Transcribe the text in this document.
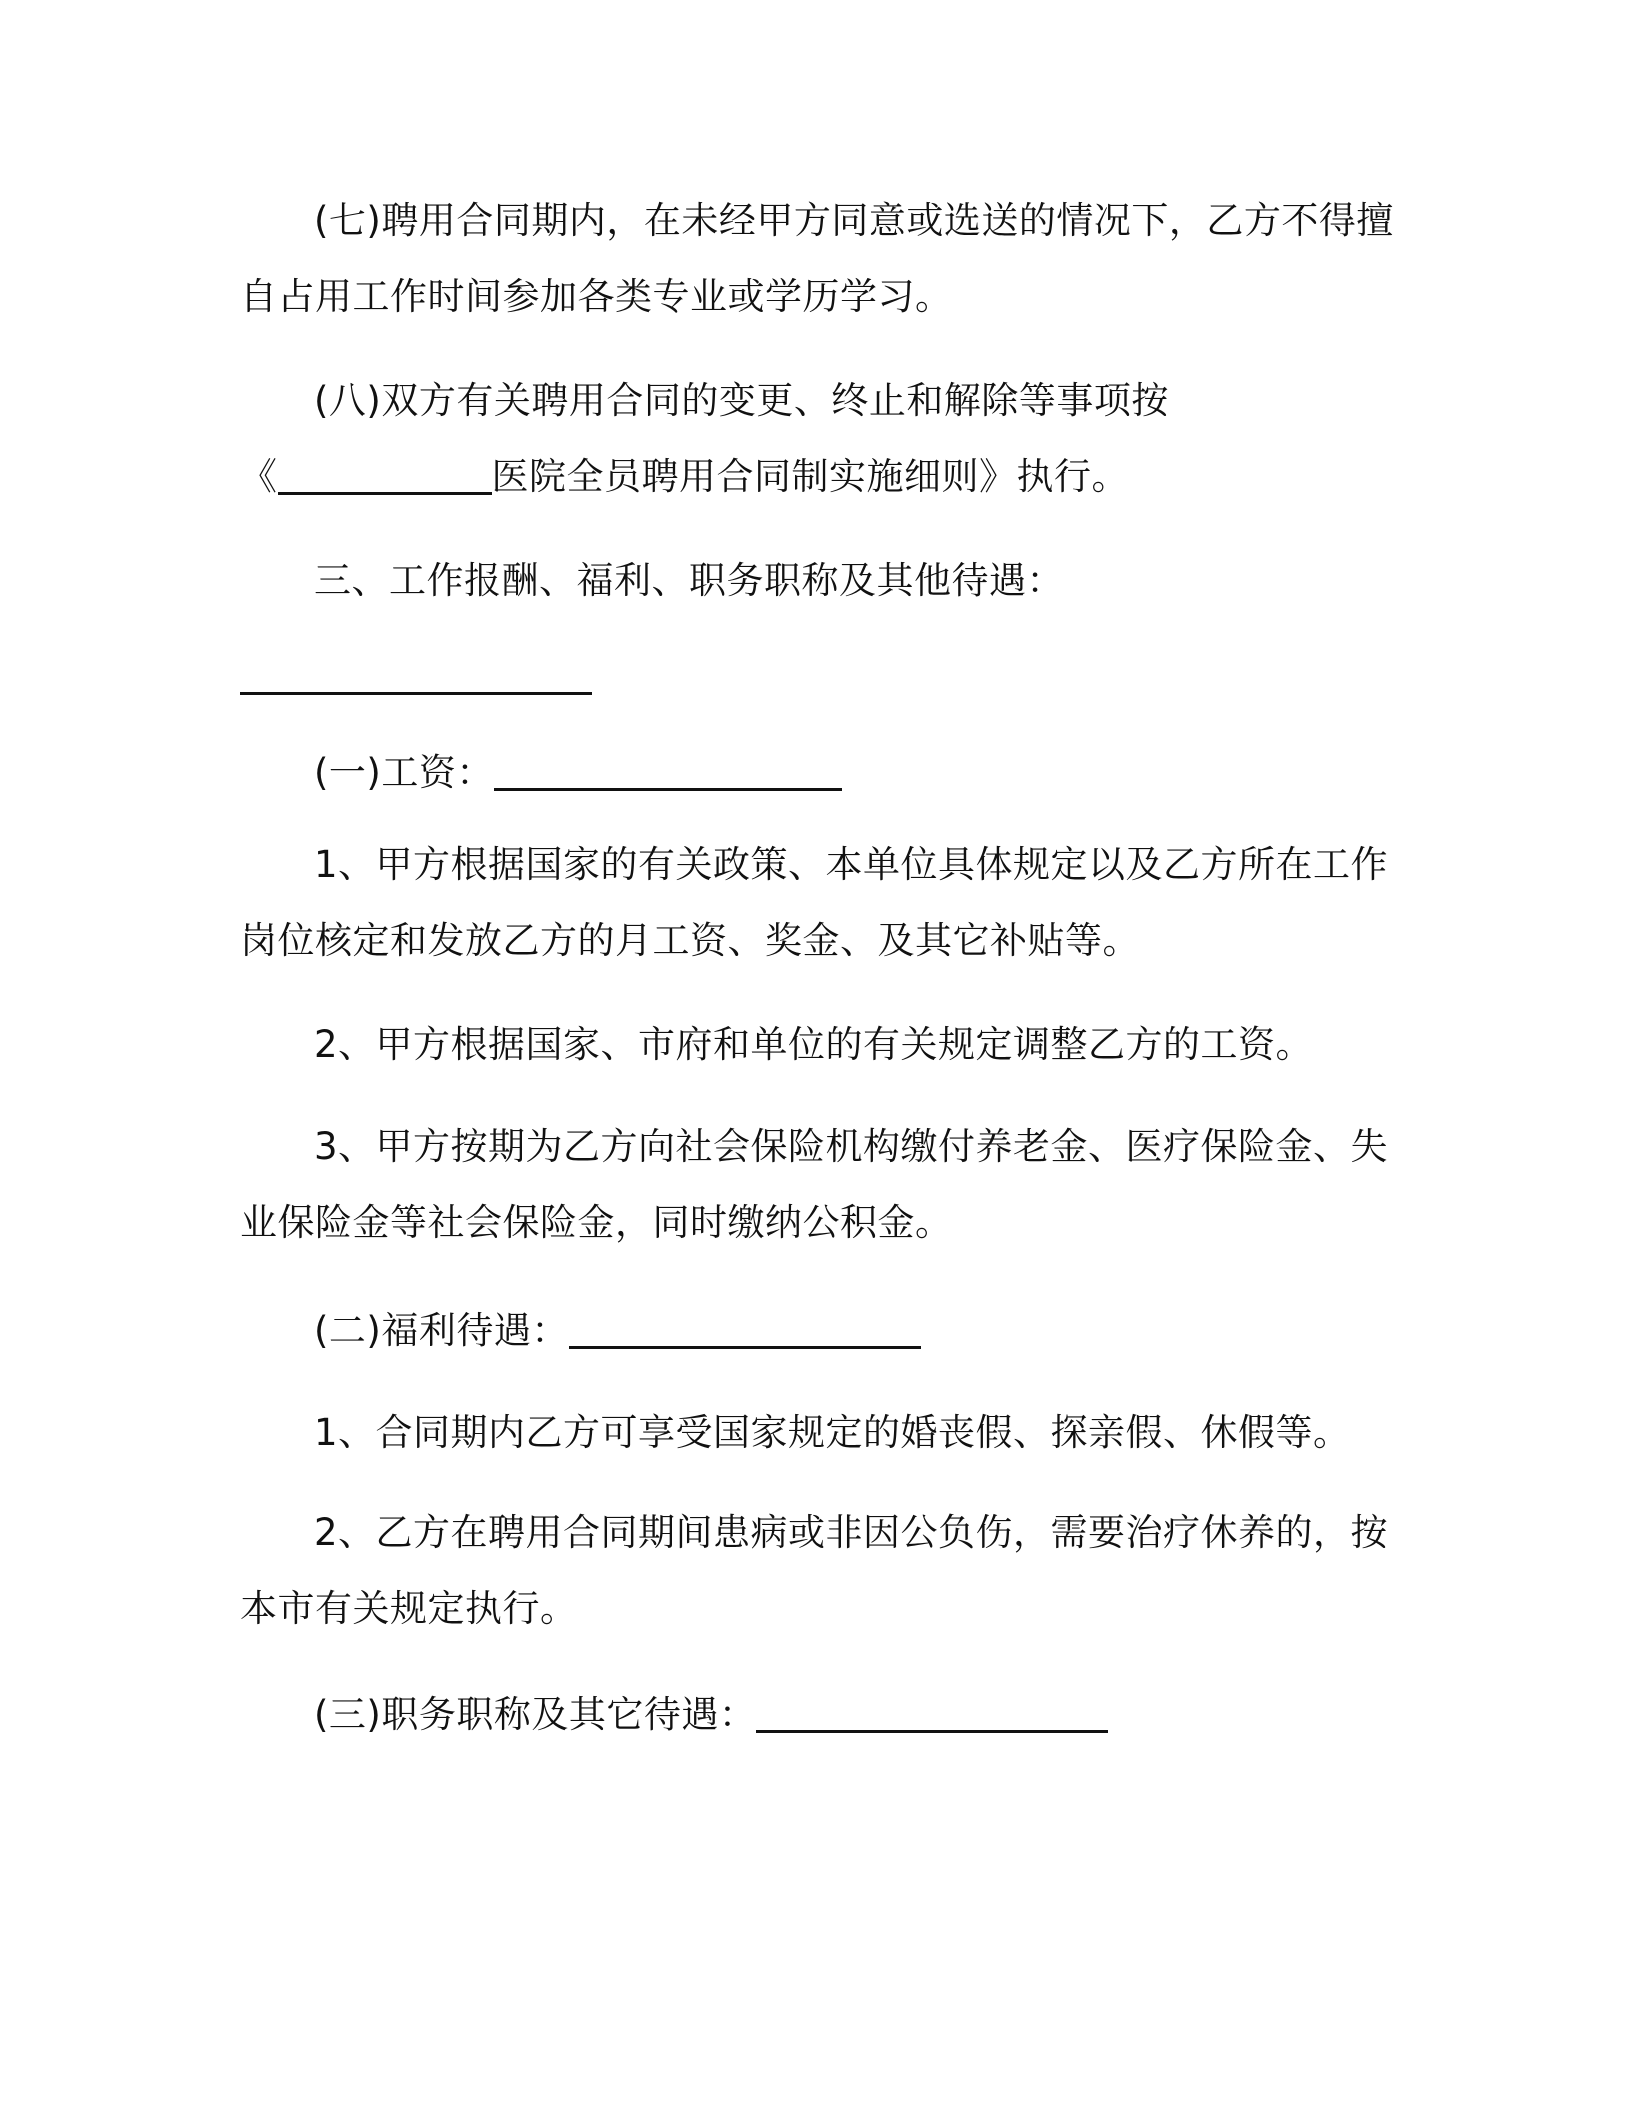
(七)聘用合同期内，在未经甲方同意或选送的情况下，乙方不得擅
自占用工作时间参加各类专业或学历学习。
(八)双方有关聘用合同的变更、终止和解除等事项按
《	医院全员聘用合同制实施细则》执行。
三、工作报酬、福利、职务职称及其他待遇：
(一)工资：
1、甲方根据国家的有关政策、本单位具体规定以及乙方所在工作
岗位核定和发放乙方的月工资、奖金、及其它补贴等。
2、甲方根据国家、市府和单位的有关规定调整乙方的工资。
3、甲方按期为乙方向社会保险机构缴付养老金、医疗保险金、失
业保险金等社会保险金，同时缴纳公积金。
(二)福利待遇：
1、合同期内乙方可享受国家规定的婚丧假、探亲假、休假等。
2、乙方在聘用合同期间患病或非因公负伤，需要治疗休养的，按
本市有关规定执行。
(三)职务职称及其它待遇：
